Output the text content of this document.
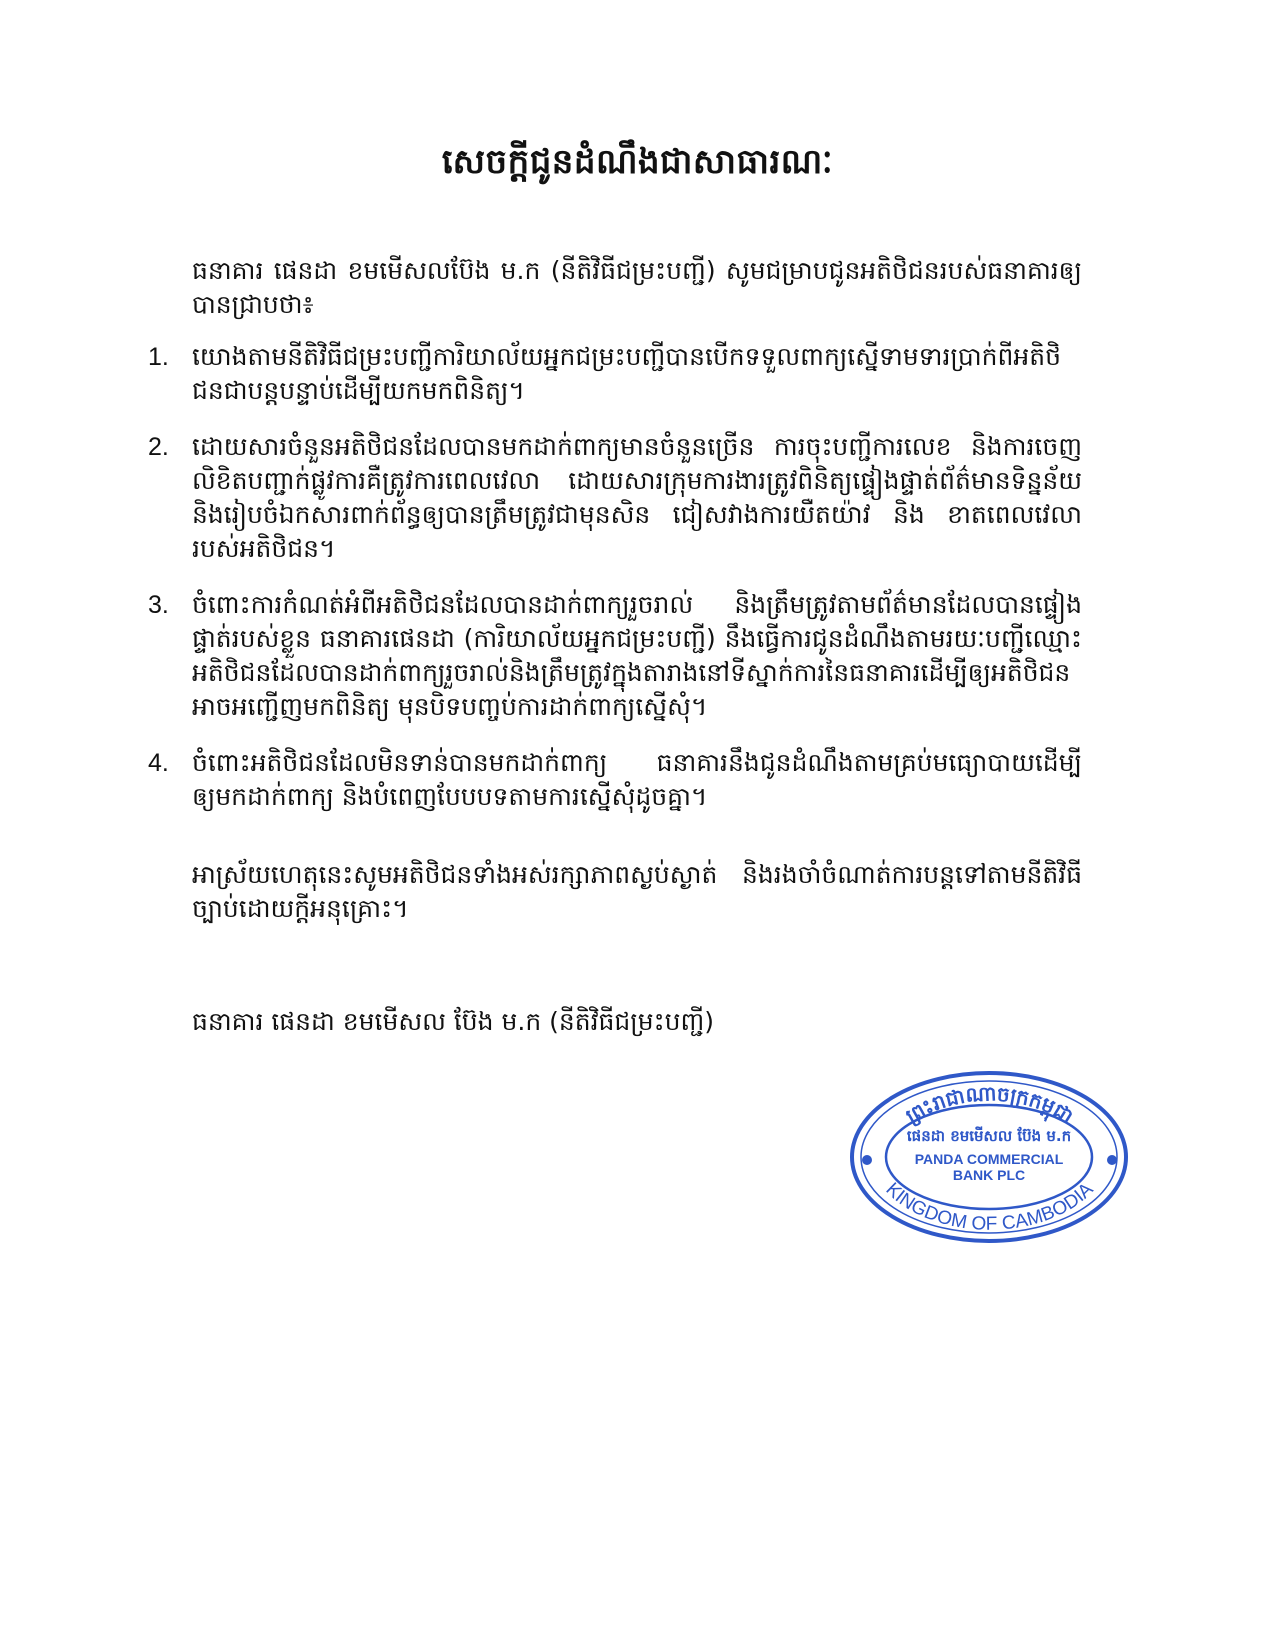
សេចក្តីជូនដំណឹងជាសាធារណៈ
ធនាគារ ផេនដា ខមមើសលប៊ែង ម.ក (នីតិវិធីជម្រះបញ្ជី) សូមជម្រាបជូនអតិថិជនរបស់ធនាគារឲ្យបានជ្រាបថា៖
1. យោងតាមនីតិវិធីជម្រះបញ្ជីការិយាល័យអ្នកជម្រះបញ្ជីបានបើកទទួលពាក្យស្នើទាមទារប្រាក់ពីអតិថិជនជាបន្តបន្ទាប់ដើម្បីយកមកពិនិត្យ។
2. ដោយសារចំនួនអតិថិជនដែលបានមកដាក់ពាក្យមានចំនួនច្រើន ការចុះបញ្ជីការលេខ និងការចេញលិខិតបញ្ជាក់ផ្លូវការគឺត្រូវការពេលវេលា ដោយសារក្រុមការងារត្រូវពិនិត្យផ្ទៀងផ្ទាត់ព័ត៌មានទិន្នន័យនិងរៀបចំឯកសារពាក់ព័ន្ធឲ្យបានត្រឹមត្រូវជាមុនសិន ជៀសវាងការយឺតយ៉ាវ និង ខាតពេលវេលារបស់អតិថិជន។
3. ចំពោះការកំណត់អំពីអតិថិជនដែលបានដាក់ពាក្យរួចរាល់ និងត្រឹមត្រូវតាមព័ត៌មានដែលបានផ្ទៀងផ្ទាត់របស់ខ្លួន ធនាគារផេនដា (ការិយាល័យអ្នកជម្រះបញ្ជី) នឹងធ្វើការជូនដំណឹងតាមរយៈបញ្ជីឈ្មោះអតិថិជនដែលបានដាក់ពាក្យរួចរាល់និងត្រឹមត្រូវក្នុងតារាងនៅទីស្នាក់ការនៃធនាគារដើម្បីឲ្យអតិថិជនអាចអញ្ជើញមកពិនិត្យ មុនបិទបញ្ចប់ការដាក់ពាក្យស្នើសុំ។
4. ចំពោះអតិថិជនដែលមិនទាន់បានមកដាក់ពាក្យ ធនាគារនឹងជូនដំណឹងតាមគ្រប់មធ្យោបាយដើម្បីឲ្យមកដាក់ពាក្យ និងបំពេញបែបបទតាមការស្នើសុំដូចគ្នា។
អាស្រ័យហេតុនេះសូមអតិថិជនទាំងអស់រក្សាភាពស្ងប់ស្ងាត់ និងរងចាំចំណាត់ការបន្តទៅតាមនីតិវិធីច្បាប់ដោយក្តីអនុគ្រោះ។
ធនាគារ ផេនដា ខមមើសល ប៊ែង ម.ក (នីតិវិធីជម្រះបញ្ជី)
ព្រះរាជាណាចក្រកម្ពុជា
ផេនដា ខមមើសល ប៊ែង ម.ក
PANDA COMMERCIAL
BANK PLC
KINGDOM OF CAMBODIA
